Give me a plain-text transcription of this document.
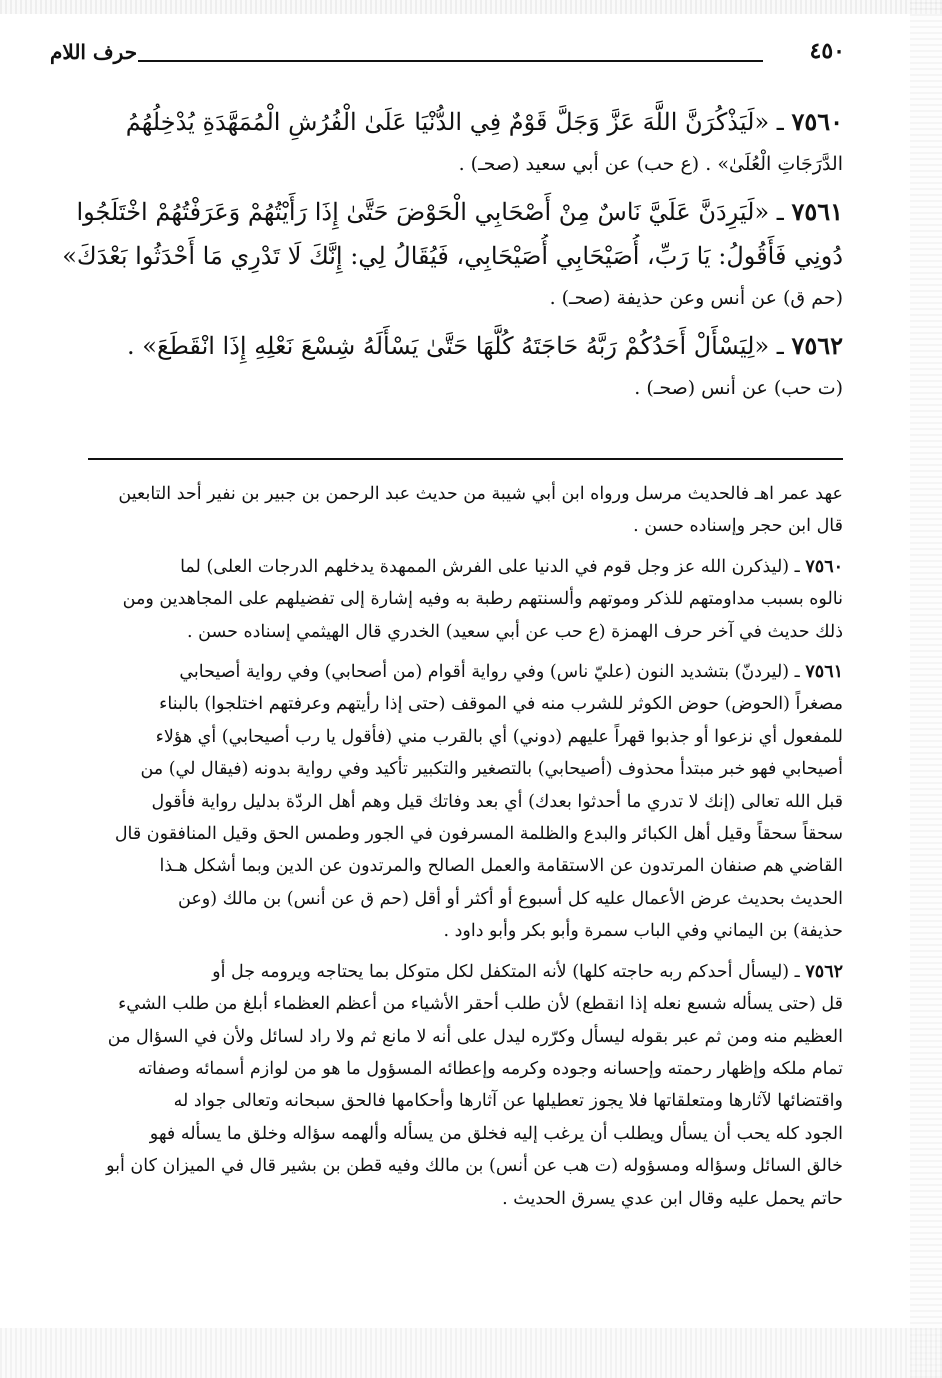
٤٥٠
حرف اللام
٧٥٦٠ ـ «لَيَذْكُرَنَّ اللَّهَ عَزَّ وَجَلَّ قَوْمٌ فِي الدُّنْيَا عَلَىٰ الْفُرُشِ الْمُمَهَّدَةِ يُدْخِلُهُمُ
الدَّرَجَاتِ الْعُلَىٰ» . (ع حب) عن أبي سعيد (صحـ) .
٧٥٦١ ـ «لَيَرِدَنَّ عَلَيَّ نَاسٌ مِنْ أَصْحَابِي الْحَوْضَ حَتَّىٰ إِذَا رَأَيْتُهُمْ وَعَرَفْتُهُمْ اخْتَلَجُوا
دُونِي فَأَقُولُ: يَا رَبِّ، أُصَيْحَابِي أُصَيْحَابِي، فَيُقَالُ لِي: إِنَّكَ لَا تَدْرِي مَا أَحْدَثُوا بَعْدَكَ»
(حم ق) عن أنس وعن حذيفة (صحـ) .
٧٥٦٢ ـ «لِيَسْأَلْ أَحَدُكُمْ رَبَّهُ حَاجَتَهُ كُلَّهَا حَتَّىٰ يَسْأَلَهُ شِسْعَ نَعْلِهِ إِذَا انْقَطَعَ» .
(ت حب) عن أنس (صحـ) .
عهد عمر اهـ فالحديث مرسل ورواه ابن أبي شيبة من حديث عبد الرحمن بن جبير بن نفير أحد التابعين
قال ابن حجر وإسناده حسن .
٧٥٦٠ ـ (ليذكرن الله عز وجل قوم في الدنيا على الفرش الممهدة يدخلهم الدرجات العلى) لما
نالوه بسبب مداومتهم للذكر وموتهم وألسنتهم رطبة به وفيه إشارة إلى تفضيلهم على المجاهدين ومن
ذلك حديث في آخر حرف الهمزة (ع حب عن أبي سعيد) الخدري قال الهيثمي إسناده حسن .
٧٥٦١ ـ (ليردنّ) بتشديد النون (عليّ ناس) وفي رواية أقوام (من أصحابي) وفي رواية أصيحابي
مصغراً (الحوض) حوض الكوثر للشرب منه في الموقف (حتى إذا رأيتهم وعرفتهم اختلجوا) بالبناء
للمفعول أي نزعوا أو جذبوا قهراً عليهم (دوني) أي بالقرب مني (فأقول يا رب أصيحابي) أي هؤلاء
أصيحابي فهو خبر مبتدأ محذوف (أصيحابي) بالتصغير والتكبير تأكيد وفي رواية بدونه (فيقال لي) من
قبل الله تعالى (إنك لا تدري ما أحدثوا بعدك) أي بعد وفاتك قيل وهم أهل الردّة بدليل رواية فأقول
سحقاً سحقاً وقيل أهل الكبائر والبدع والظلمة المسرفون في الجور وطمس الحق وقيل المنافقون قال
القاضي هم صنفان المرتدون عن الاستقامة والعمل الصالح والمرتدون عن الدين وبما أشكل هـذا
الحديث بحديث عرض الأعمال عليه كل أسبوع أو أكثر أو أقل (حم ق عن أنس) بن مالك (وعن
حذيفة) بن اليماني وفي الباب سمرة وأبو بكر وأبو داود .
٧٥٦٢ ـ (ليسأل أحدكم ربه حاجته كلها) لأنه المتكفل لكل متوكل بما يحتاجه ويرومه جل أو
قل (حتى يسأله شسع نعله إذا انقطع) لأن طلب أحقر الأشياء من أعظم العظماء أبلغ من طلب الشيء
العظيم منه ومن ثم عبر بقوله ليسأل وكرّره ليدل على أنه لا مانع ثم ولا راد لسائل ولأن في السؤال من
تمام ملكه وإظهار رحمته وإحسانه وجوده وكرمه وإعطائه المسؤول ما هو من لوازم أسمائه وصفاته
واقتضائها لآثارها ومتعلقاتها فلا يجوز تعطيلها عن آثارها وأحكامها فالحق سبحانه وتعالى جواد له
الجود كله يحب أن يسأل ويطلب أن يرغب إليه فخلق من يسأله وألهمه سؤاله وخلق ما يسأله فهو
خالق السائل وسؤاله ومسؤوله (ت هب عن أنس) بن مالك وفيه قطن بن بشير قال في الميزان كان أبو
حاتم يحمل عليه وقال ابن عدي يسرق الحديث .
